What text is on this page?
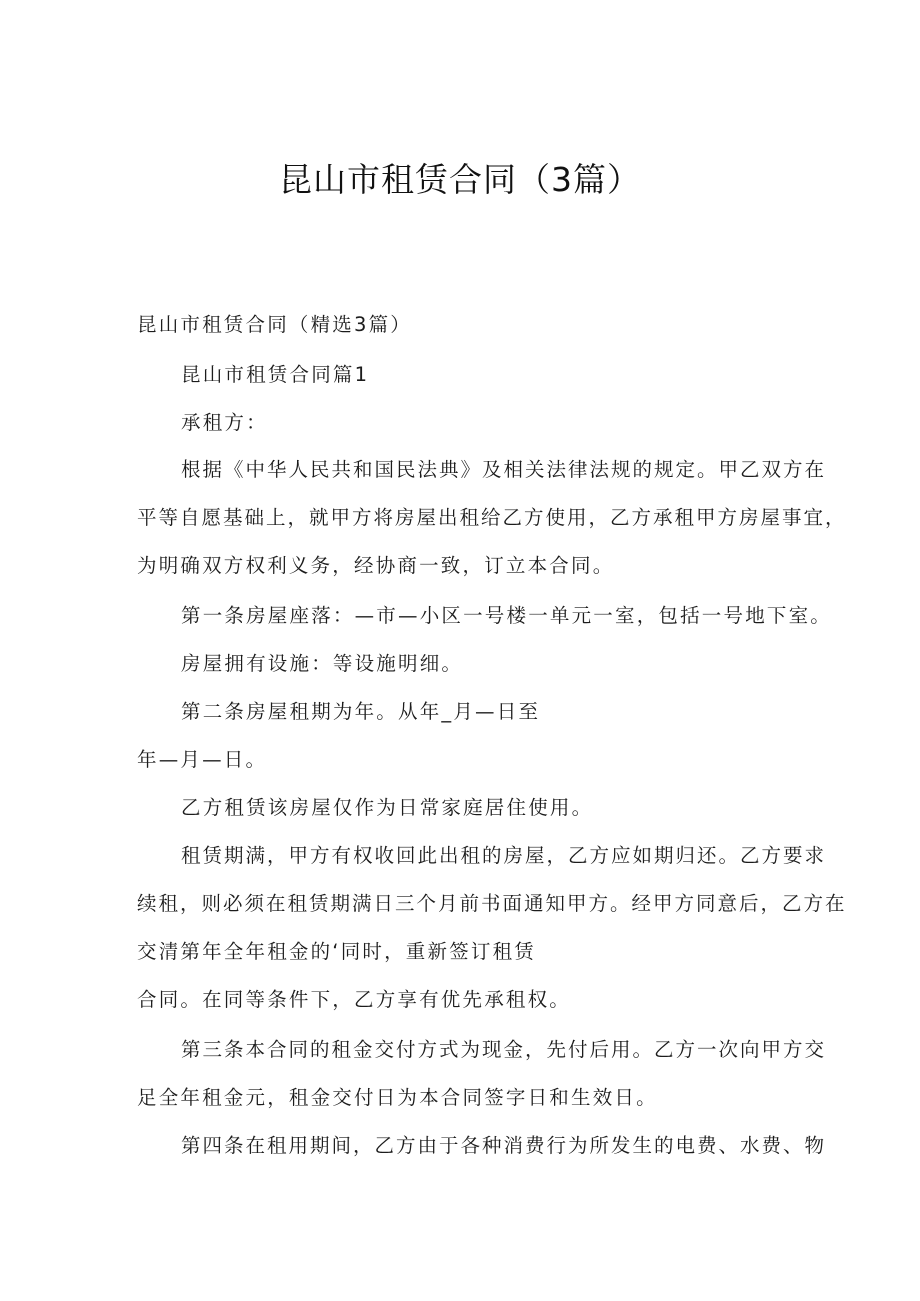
昆山市租赁合同（3篇）

昆山市租赁合同（精选3篇）

昆山市租赁合同篇1

承租方：

根据《中华人民共和国民法典》及相关法律法规的规定。甲乙双方在

平等自愿基础上，就甲方将房屋出租给乙方使用，乙方承租甲方房屋事宜，

为明确双方权利义务，经协商一致，订立本合同。

第一条房屋座落：—市—小区一号楼一单元一室，包括一号地下室。

房屋拥有设施：等设施明细。

第二条房屋租期为年。从年_月—日至

年—月—日。

乙方租赁该房屋仅作为日常家庭居住使用。

租赁期满，甲方有权收回此出租的房屋，乙方应如期归还。乙方要求

续租，则必须在租赁期满日三个月前书面通知甲方。经甲方同意后，乙方在

交清第年全年租金的‘同时，重新签订租赁

合同。在同等条件下，乙方享有优先承租权。

第三条本合同的租金交付方式为现金，先付后用。乙方一次向甲方交

足全年租金元，租金交付日为本合同签字日和生效日。

第四条在租用期间，乙方由于各种消费行为所发生的电费、水费、物
